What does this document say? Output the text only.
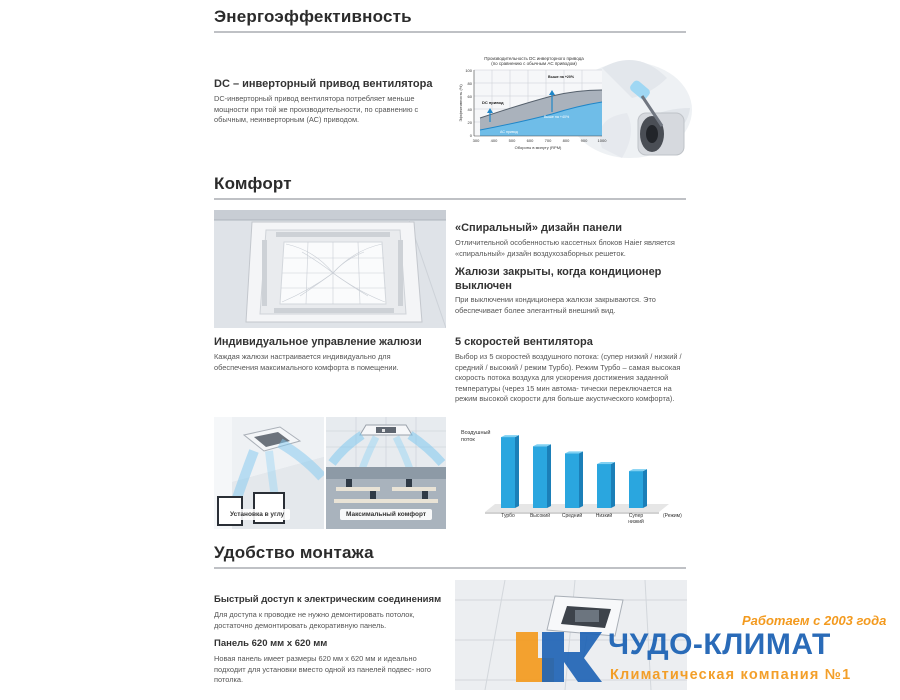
Энергоэффективность
DC – инверторный привод вентилятора
DC-инверторный привод вентилятора потребляет меньше мощности при той же производительности, по сравнению с обычным, неинверторным (АС) приводом.
Производительность DC инверторного привода
(по сравнению с обычным AC приводом)
DC привод
AC привод
Выше на +20%
Выше на +40%
100
80
60
40
20
0
300	400	500	600	700	800	900	1000
Обороты в минуту (RPM)
Эффективность (%)
Комфорт
«Спиральный» дизайн панели
Отличительной особенностью кассетных блоков Haier является «спиральный» дизайн воздухозаборных решеток.
Жалюзи закрыты, когда кондиционер выключен
При выключении кондиционера жалюзи закрываются. Это обеспечивает более элегантный внешний вид.
Индивидуальное управление жалюзи
Каждая жалюзи настраивается индивидуально для обеспечения максимального комфорта в помещении.
5 скоростей вентилятора
Выбор из 5 скоростей воздушного потока: (супер низкий / низкий / средний / высокий / режим Турбо). Режим Турбо – самая высокая скорость потока воздуха для ускорения достижения заданной температуры (через 15 мин автома- тически переключается на режим высокой скорости для больше акустического комфорта).
Установка в углу	Максимальный комфорт
Воздушный
поток
Турбо	Высокий Средний	Низкий	Супер
низкий
(Режим)
Удобство монтажа
Быстрый доступ к электрическим соединениям
Для доступа к проводке не нужно демонтировать потолок, достаточно демонтировать декоративную панель.
Панель 620 мм х 620 мм
Новая панель имеет размеры 620 мм х 620 мм и идеально подходит для установки вместо одной из панелей подвес- ного потолка.
Работаем с 2003 года
ЧУДО-КЛИМАТ
Климатическая компания №1
